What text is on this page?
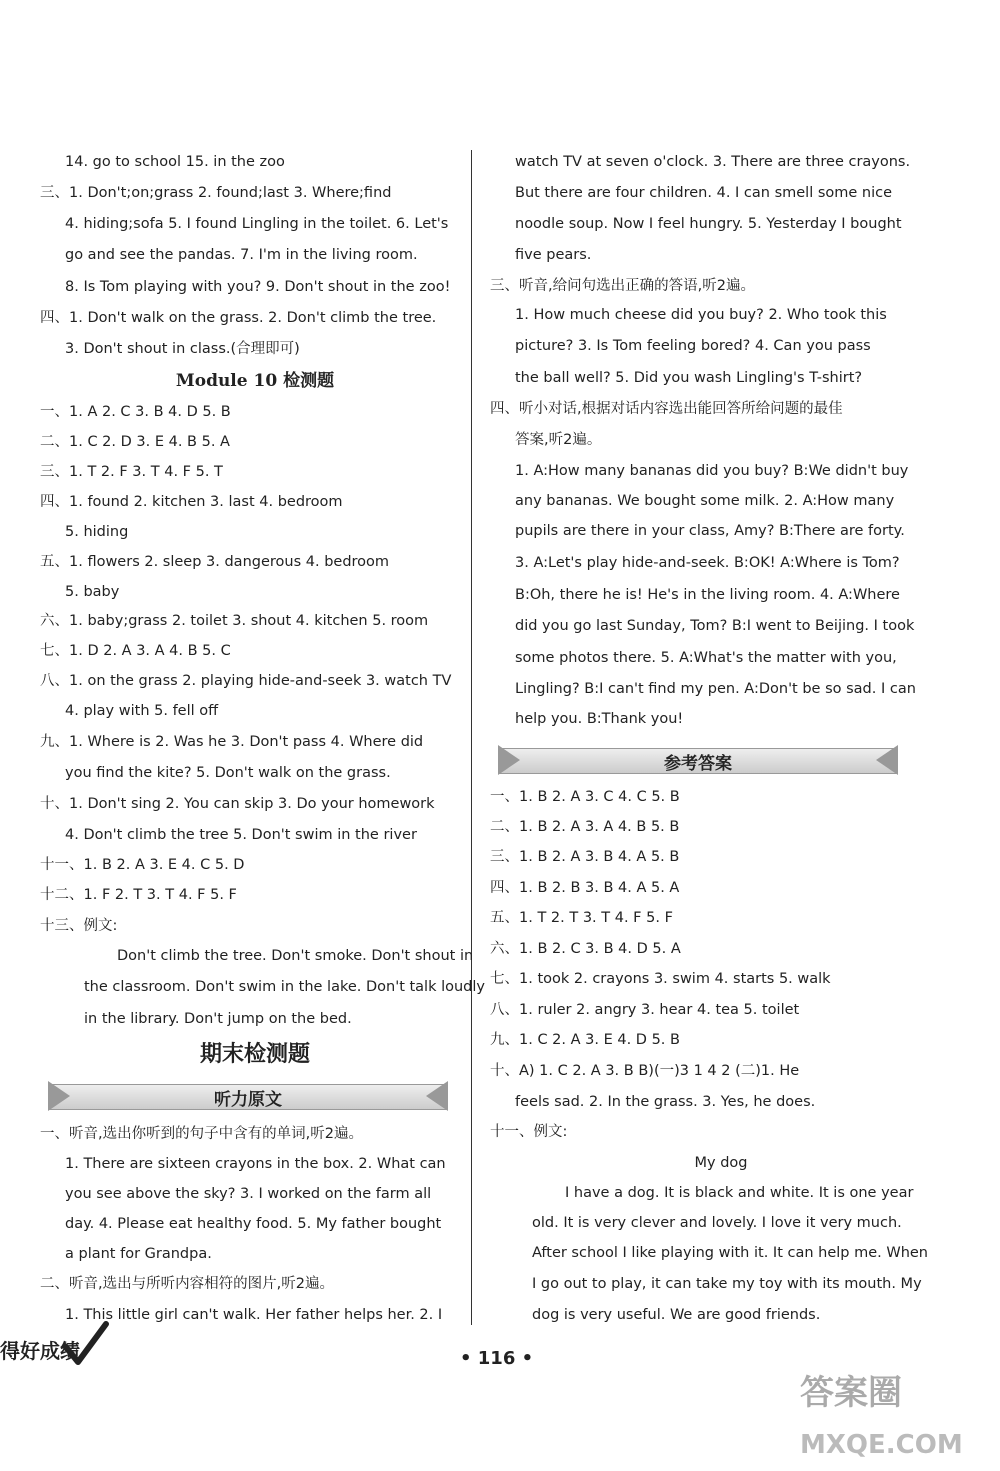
14. go to school 15. in the zoo
三、1. Don't;on;grass 2. found;last 3. Where;find
4. hiding;sofa 5. I found Lingling in the toilet. 6. Let's
go and see the pandas. 7. I'm in the living room.
8. Is Tom playing with you? 9. Don't shout in the zoo!
四、1. Don't walk on the grass. 2. Don't climb the tree.
3. Don't shout in class.(合理即可)
Module 10 检测题
一、1. A 2. C 3. B 4. D 5. B
二、1. C 2. D 3. E 4. B 5. A
三、1. T 2. F 3. T 4. F 5. T
四、1. found 2. kitchen 3. last 4. bedroom
5. hiding
五、1. flowers 2. sleep 3. dangerous 4. bedroom
5. baby
六、1. baby;grass 2. toilet 3. shout 4. kitchen 5. room
七、1. D 2. A 3. A 4. B 5. C
八、1. on the grass 2. playing hide-and-seek 3. watch TV
4. play with 5. fell off
九、1. Where is 2. Was he 3. Don't pass 4. Where did
you find the kite? 5. Don't walk on the grass.
十、1. Don't sing 2. You can skip 3. Do your homework
4. Don't climb the tree 5. Don't swim in the river
十一、1. B 2. A 3. E 4. C 5. D
十二、1. F 2. T 3. T 4. F 5. F
十三、例文:
Don't climb the tree. Don't smoke. Don't shout in
the classroom. Don't swim in the lake. Don't talk loudly
in the library. Don't jump on the bed.
期末检测题
听力原文
一、听音,选出你听到的句子中含有的单词,听2遍。
1. There are sixteen crayons in the box. 2. What can
you see above the sky? 3. I worked on the farm all
day. 4. Please eat healthy food. 5. My father bought
a plant for Grandpa.
二、听音,选出与所听内容相符的图片,听2遍。
1. This little girl can't walk. Her father helps her. 2. I
watch TV at seven o'clock. 3. There are three crayons.
But there are four children. 4. I can smell some nice
noodle soup. Now I feel hungry. 5. Yesterday I bought
five pears.
三、听音,给问句选出正确的答语,听2遍。
1. How much cheese did you buy? 2. Who took this
picture? 3. Is Tom feeling bored? 4. Can you pass
the ball well? 5. Did you wash Lingling's T-shirt?
四、听小对话,根据对话内容选出能回答所给问题的最佳
答案,听2遍。
1. A:How many bananas did you buy? B:We didn't buy
any bananas. We bought some milk. 2. A:How many
pupils are there in your class, Amy? B:There are forty.
3. A:Let's play hide-and-seek. B:OK! A:Where is Tom?
B:Oh, there he is! He's in the living room. 4. A:Where
did you go last Sunday, Tom? B:I went to Beijing. I took
some photos there. 5. A:What's the matter with you,
Lingling? B:I can't find my pen. A:Don't be so sad. I can
help you. B:Thank you!
参考答案
一、1. B 2. A 3. C 4. C 5. B
二、1. B 2. A 3. A 4. B 5. B
三、1. B 2. A 3. B 4. A 5. B
四、1. B 2. B 3. B 4. A 5. A
五、1. T 2. T 3. T 4. F 5. F
六、1. B 2. C 3. B 4. D 5. A
七、1. took 2. crayons 3. swim 4. starts 5. walk
八、1. ruler 2. angry 3. hear 4. tea 5. toilet
九、1. C 2. A 3. E 4. D 5. B
十、A) 1. C 2. A 3. B B)(一)3 1 4 2 (二)1. He
feels sad. 2. In the grass. 3. Yes, he does.
十一、例文:
My dog
I have a dog. It is black and white. It is one year
old. It is very clever and lovely. I love it very much.
After school I like playing with it. It can help me. When
I go out to play, it can take my toy with its mouth. My
dog is very useful. We are good friends.
得好成绩	• 116 •
答案圈
MXQE.COM
